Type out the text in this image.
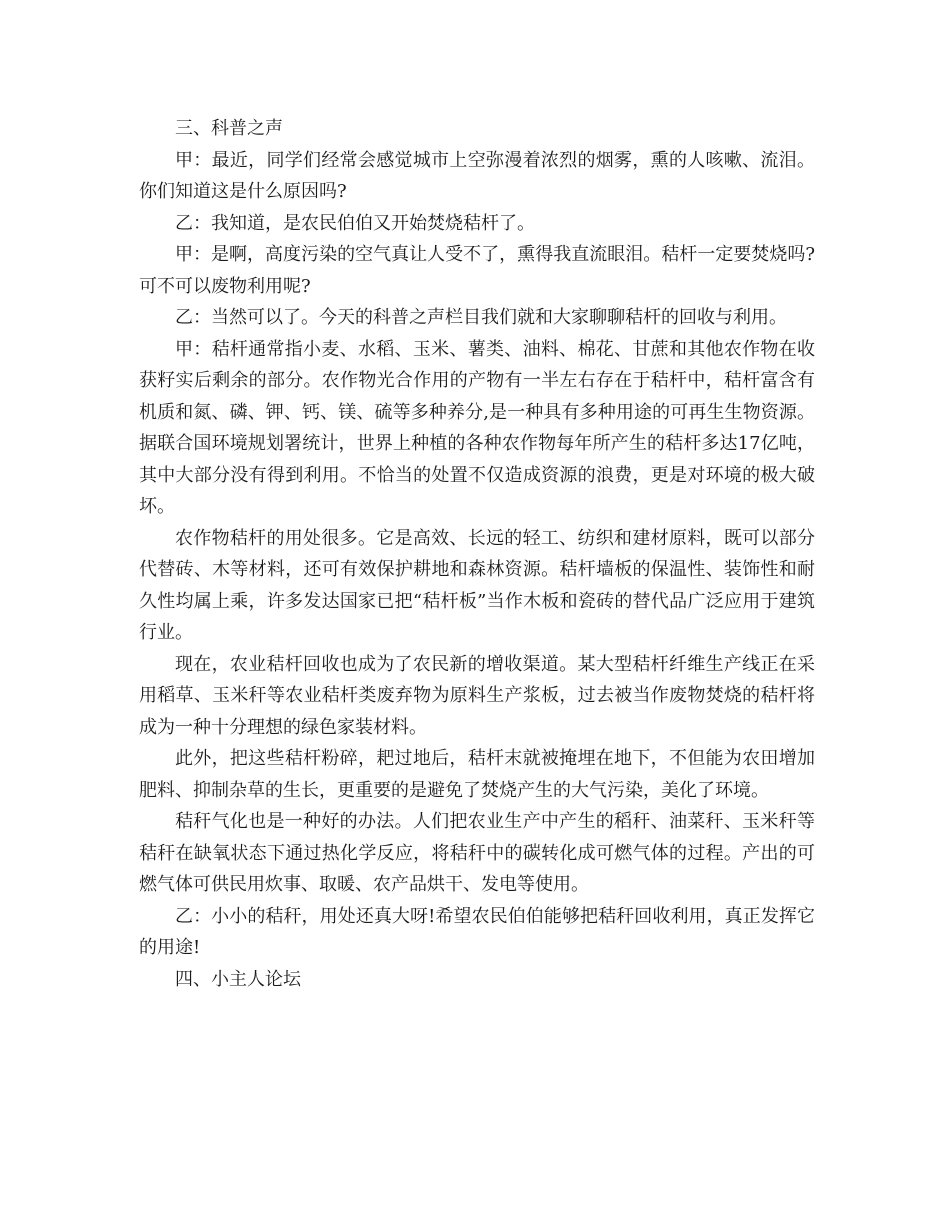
三、科普之声

甲：最近，同学们经常会感觉城市上空弥漫着浓烈的烟雾，熏的人咳嗽、流泪。你们知道这是什么原因吗?

乙：我知道，是农民伯伯又开始焚烧秸杆了。

甲：是啊，高度污染的空气真让人受不了，熏得我直流眼泪。秸杆一定要焚烧吗?可不可以废物利用呢?

乙：当然可以了。今天的科普之声栏目我们就和大家聊聊秸杆的回收与利用。

甲：秸杆通常指小麦、水稻、玉米、薯类、油料、棉花、甘蔗和其他农作物在收获籽实后剩余的部分。农作物光合作用的产物有一半左右存在于秸杆中，秸杆富含有机质和氮、磷、钾、钙、镁、硫等多种养分,是一种具有多种用途的可再生生物资源。据联合国环境规划署统计，世界上种植的各种农作物每年所产生的秸杆多达17亿吨，其中大部分没有得到利用。不恰当的处置不仅造成资源的浪费，更是对环境的极大破坏。

农作物秸杆的用处很多。它是高效、长远的轻工、纺织和建材原料，既可以部分代替砖、木等材料，还可有效保护耕地和森林资源。秸杆墙板的保温性、装饰性和耐久性均属上乘，许多发达国家已把“秸杆板”当作木板和瓷砖的替代品广泛应用于建筑行业。

现在，农业秸杆回收也成为了农民新的增收渠道。某大型秸杆纤维生产线正在采用稻草、玉米秆等农业秸杆类废弃物为原料生产浆板，过去被当作废物焚烧的秸杆将成为一种十分理想的绿色家装材料。

此外，把这些秸杆粉碎，耙过地后，秸杆末就被掩埋在地下，不但能为农田增加肥料、抑制杂草的生长，更重要的是避免了焚烧产生的大气污染，美化了环境。

秸秆气化也是一种好的办法。人们把农业生产中产生的稻秆、油菜秆、玉米秆等秸秆在缺氧状态下通过热化学反应，将秸秆中的碳转化成可燃气体的过程。产出的可燃气体可供民用炊事、取暖、农产品烘干、发电等使用。

乙：小小的秸秆，用处还真大呀!希望农民伯伯能够把秸秆回收利用，真正发挥它的用途!

四、小主人论坛
